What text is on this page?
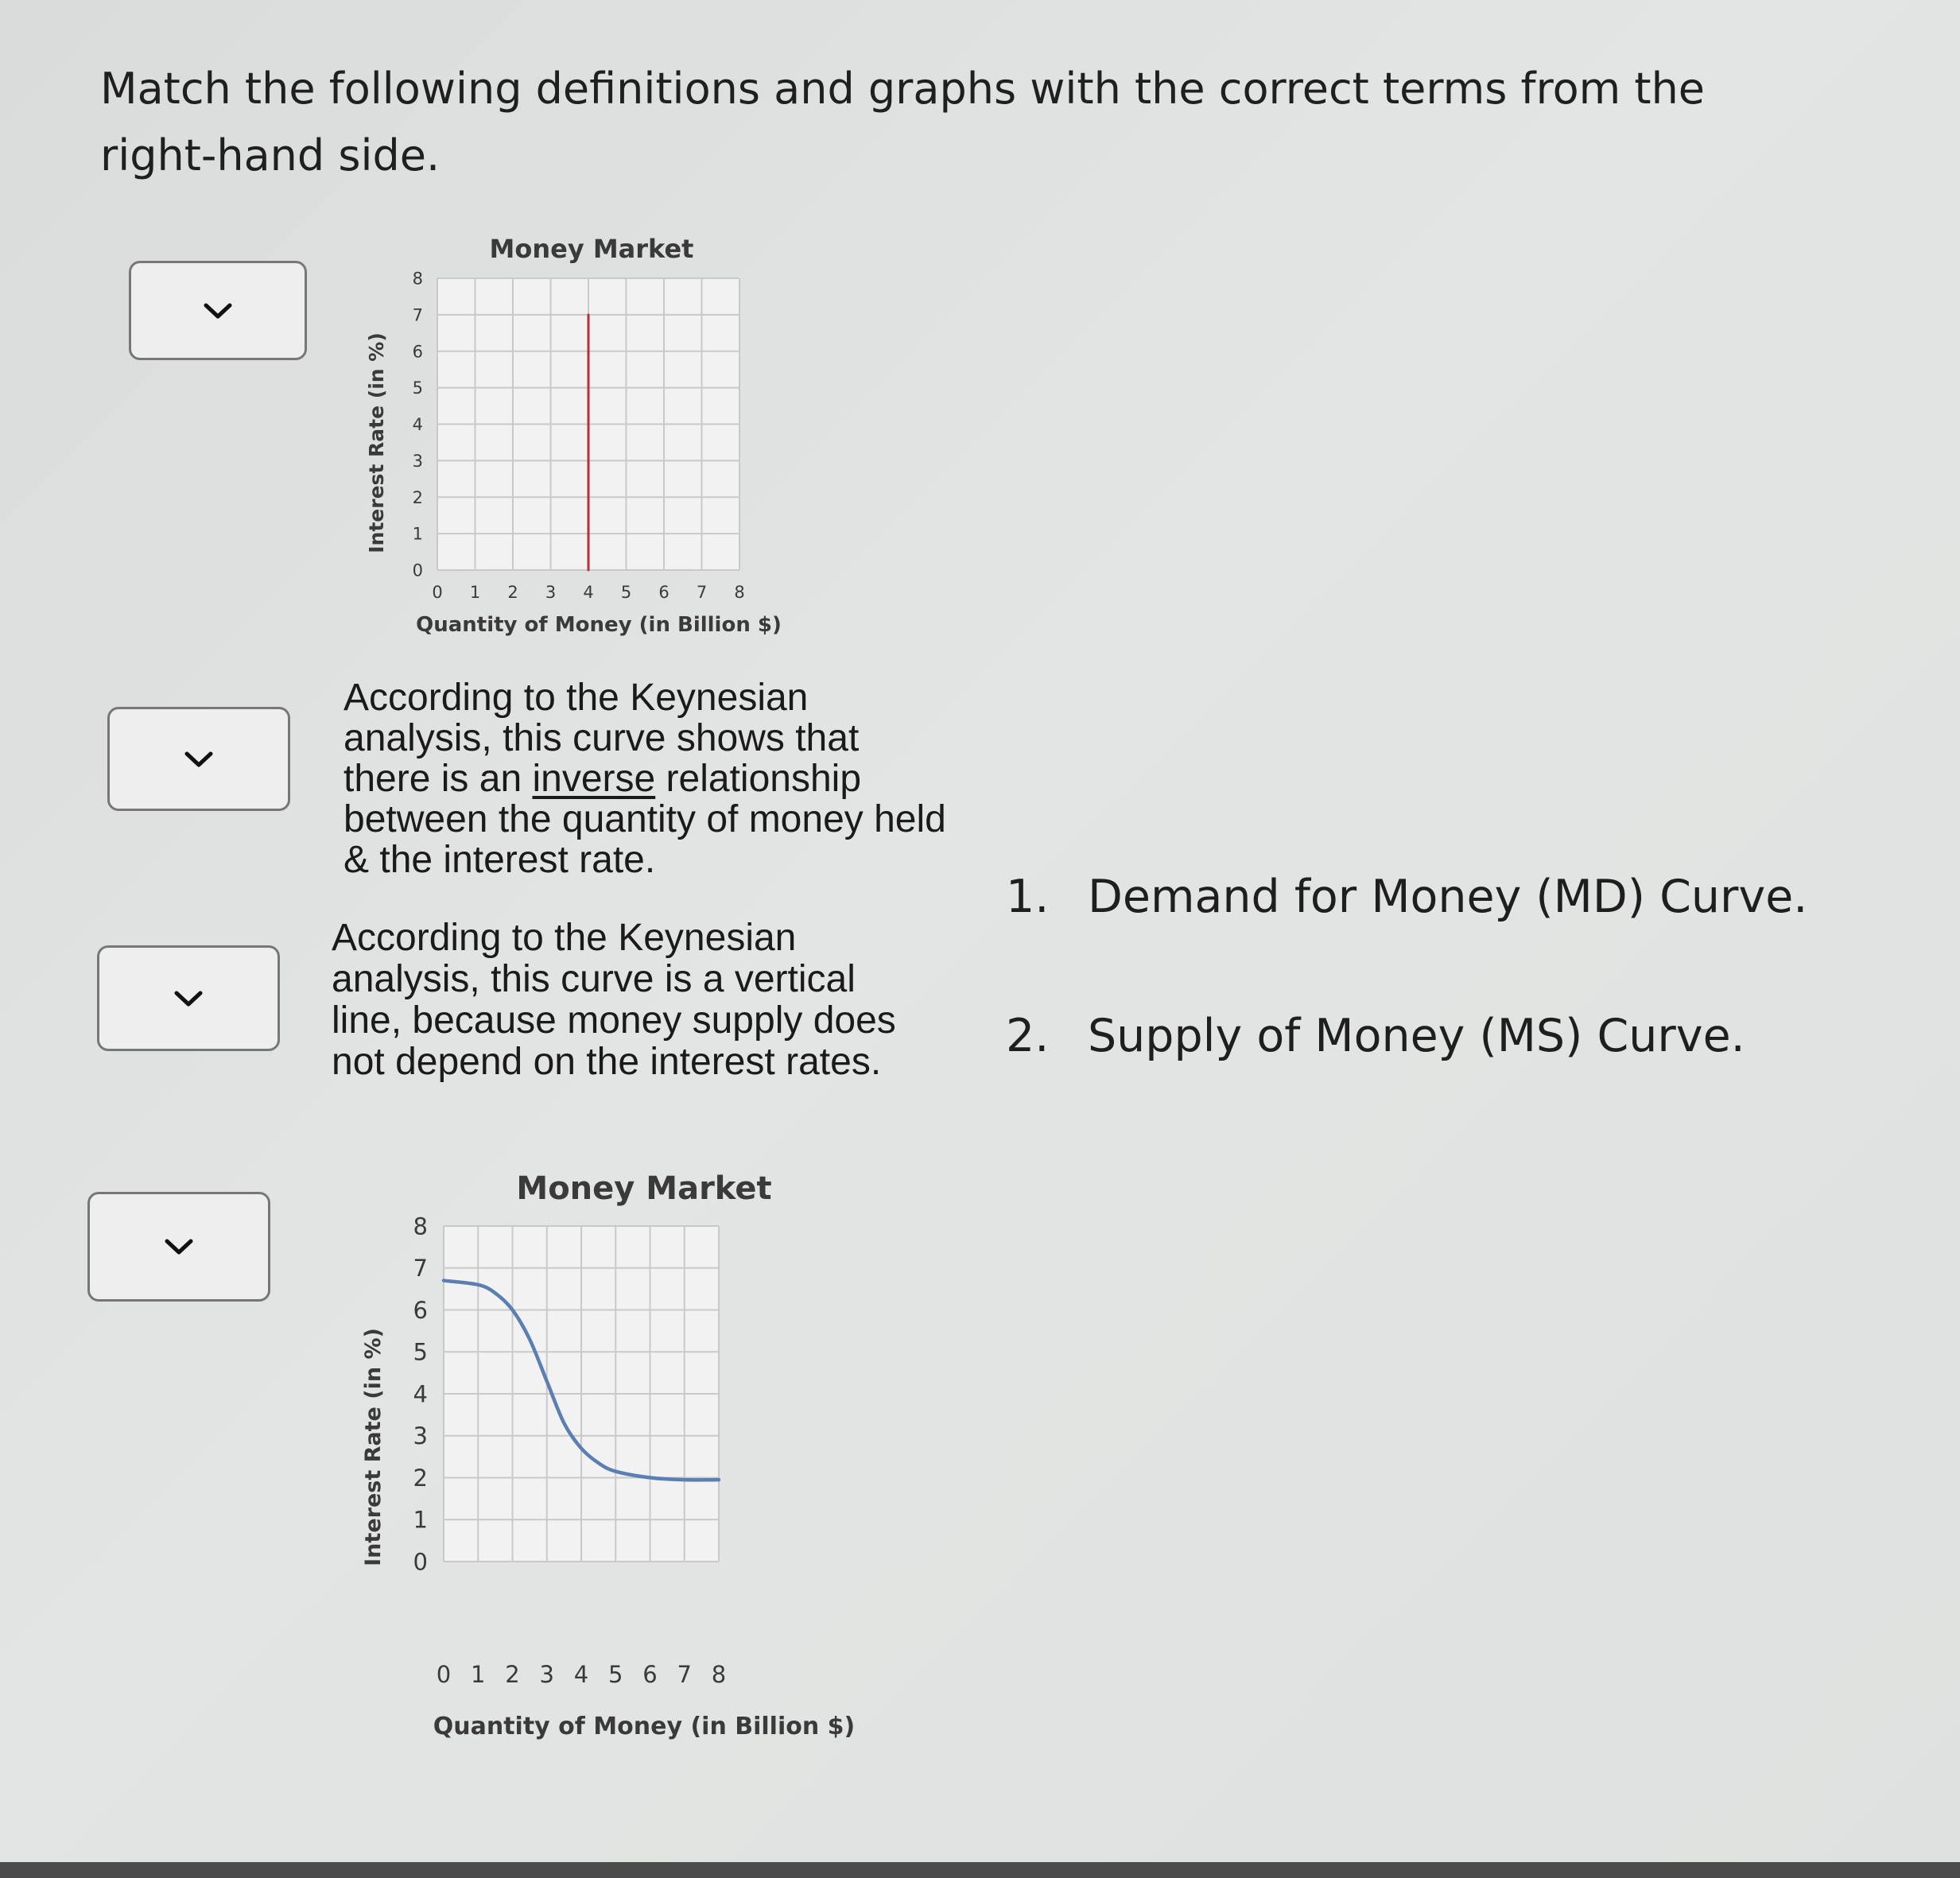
Match the following definitions and graphs with the correct terms from the right-hand side.

Money Market
Interest Rate (in %)
Quantity of Money (in Billion $)
0 1 2 3 4 5 6 7 8
0
1
2
3
4
5
6
7
8

According to the Keynesian analysis, this curve shows that there is an inverse relationship between the quantity of money held & the interest rate.

According to the Keynesian analysis, this curve is a vertical line, because money supply does not depend on the interest rates.

Money Market
Interest Rate (in %)
Quantity of Money (in Billion $)
0 1 2 3 4 5 6 7 8
0
1
2
3
4
5
6
7
8
1. Demand for Money (MD) Curve.
2. Supply of Money (MS) Curve.
